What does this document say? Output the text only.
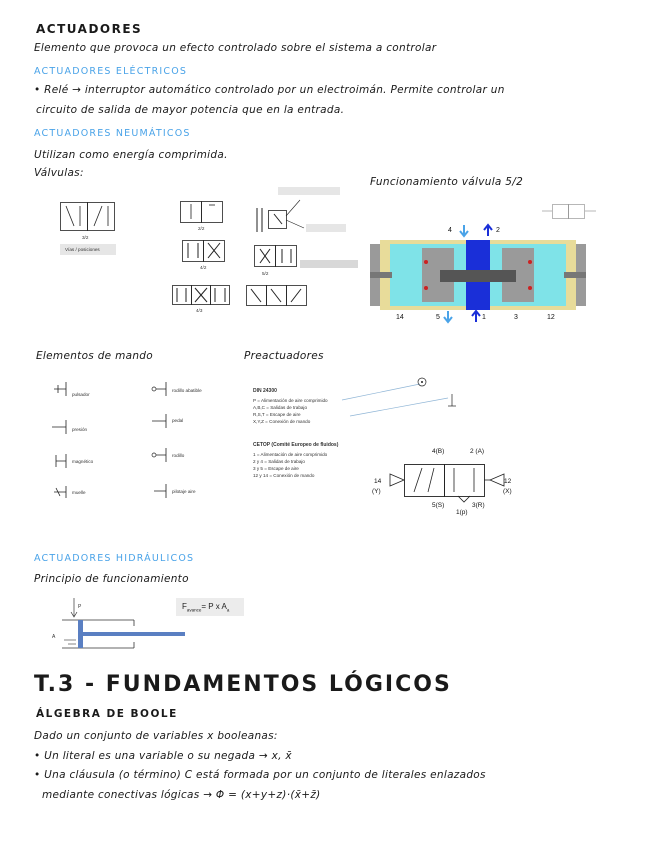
ACTUADORES
Elemento que provoca un efecto controlado sobre el sistema a controlar
ACTUADORES ELÉCTRICOS
• Relé → interruptor automático controlado por un electroimán. Permite controlar un
circuito de salida de mayor potencia que en la entrada.
ACTUADORES NEUMÁTICOS
Utilizan como energía comprimida.
Válvulas:
Funcionamiento válvula 5/2
3/2
Vías / posiciones
2/2
4/2
4/3
5/2
4	2
14	5	1	3	12
Elementos de mando	Preactuadores
pulsador
presión
magnético
muelle
rodillo abatible
pedal
rodillo
pilotaje aire
DIN 24300
P = Alimentación de aire comprimido
A,B,C = Salidas de trabajo
R,S,T = Escape de aire
X,Y,Z = Conexión de mando
CETOP (Comité Europeo de fluidos)
1 = Alimentación de aire comprimido
2 y 4 = Salidas de trabajo
3 y 5 = Escape de aire
12 y 14 = Conexión de mando
4(B)	2 (A)
14
(Y)
12
(X)
5(S)
1(p)
3(R)
ACTUADORES HIDRÁULICOS
Principio de funcionamiento
P
A
$F_{avance}= P$ x $A_a$
T.3 - FUNDAMENTOS LÓGICOS
ÁLGEBRA DE BOOLE
Dado un conjunto de variables x booleanas:
• Un literal es una variable o su negada → x, x̄
• Una cláusula (o término) C está formada por un conjunto de literales enlazados
mediante conectivas lógicas → Φ = (x+y+z)·(x̄+z̄)
